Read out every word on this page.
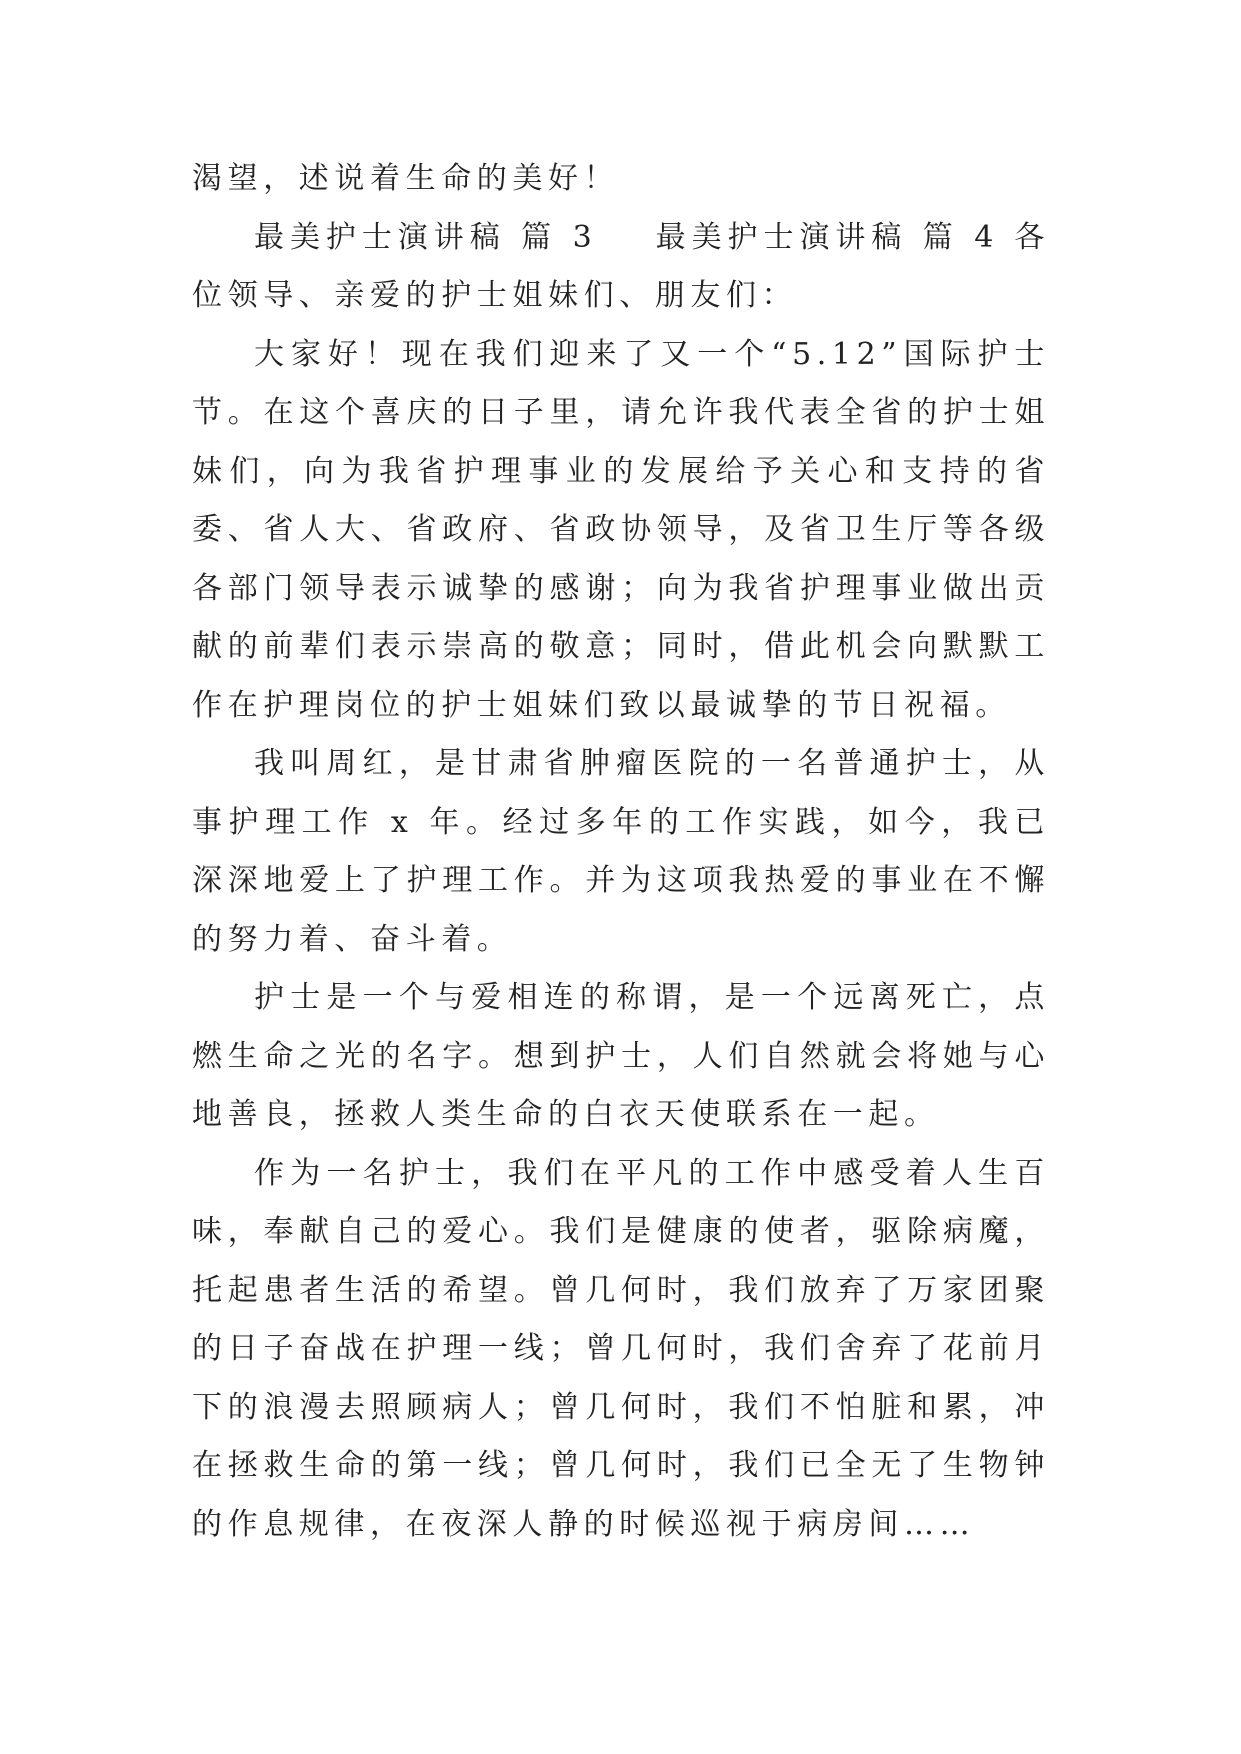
渴望，述说着生命的美好！

最美护士演讲稿 篇 3 最美护士演讲稿 篇 4 各位领导、亲爱的护士姐妹们、朋友们：

大家好！现在我们迎来了又一个“5.12”国际护士节。在这个喜庆的日子里，请允许我代表全省的护士姐妹们，向为我省护理事业的发展给予关心和支持的省委、省人大、省政府、省政协领导，及省卫生厅等各级各部门领导表示诚挚的感谢；向为我省护理事业做出贡献的前辈们表示崇高的敬意；同时，借此机会向默默工作在护理岗位的护士姐妹们致以最诚挚的节日祝福。

我叫周红，是甘肃省肿瘤医院的一名普通护士，从事护理工作 x 年。经过多年的工作实践，如今，我已深深地爱上了护理工作。并为这项我热爱的事业在不懈的努力着、奋斗着。

护士是一个与爱相连的称谓，是一个远离死亡，点燃生命之光的名字。想到护士，人们自然就会将她与心地善良，拯救人类生命的白衣天使联系在一起。

作为一名护士，我们在平凡的工作中感受着人生百味，奉献自己的爱心。我们是健康的使者，驱除病魔，托起患者生活的希望。曾几何时，我们放弃了万家团聚的日子奋战在护理一线；曾几何时，我们舍弃了花前月下的浪漫去照顾病人；曾几何时，我们不怕脏和累，冲在拯救生命的第一线；曾几何时，我们已全无了生物钟的作息规律，在夜深人静的时候巡视于病房间……
